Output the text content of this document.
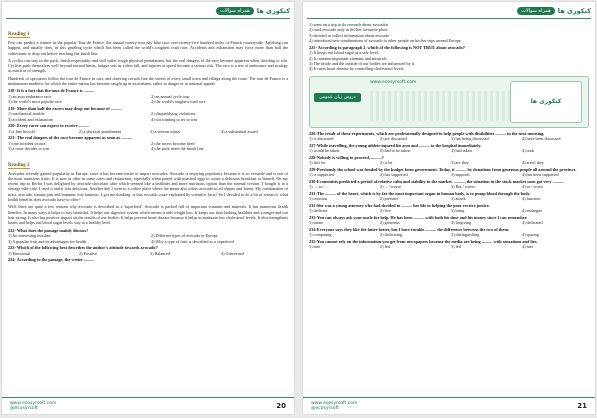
همراه سوالات	کنکوری ها
Reading 1

Few can predict a winner in the popular Tour de France, the annual twenty-four day bike race over twenty-five hundred miles of French countryside. Anything can happen, and usually does, in this grueling cycle which has been called the world's toughest road race. Accidents and exhaustion may force more than half the contestants to drop out before reaching the finish line.

A cyclist can stay in the pack, finish respectably, and still suffer rough physical punishment, but the real dangers of the race become apparent when deciding to win. Cyclists push themselves well beyond normal limits, fatigue sets in, riders fall, and injuries at speed become a serious risk. The race is a test of endurance and strategy as much as of strength.

Hundreds of spectators follow the tour de France in cars, and cheering crowds line the streets of every small town and village along the route. The tour de France is a midsummer madness for which the entire nation has become caught up in excitement, either in danger or in national appeal.

218- It is a fact that the tour de France is ..........
1) an auto endurance race	2) an annual cycle tour
3) the world's most popular race	4) the world's toughest road race
219- More than half the racers may drop out because of ..........
1) mechanical trouble	2) disqualifying violations
3) accident and exhaustion	4) not wanting to try to win
220- Every racer can expect to receive ..........
1) a fine bicycle	2) a physical punishment	3) a serious injury	4) a substantial award
221- The real dangers of the race become apparent as soon as ..........
1) one accident occurs	2) the racers become tired
3) a racer decides to win	4) the pack nears the finish line
Reading 2

Avocados recently gained popularity in Europe, since it has become easier to import avocados. Avocado is enjoying popularity because it is so versatile and is one of the most nutritious fruits. It is now in offer in some cafes and restaurants, especially when paired with poached eggs to create a delicious breakfast or brunch. On my recent trip to Berlin I was delighted by avocado-chocolate cake which seemed like a healthier and more nutritious option than the normal version. I bought it in a vintage bike café. I tried it and it was delicious. Another day I went to a coffee place where the menu also offers avocado in all shapes and forms. My combination of toast, avocado, tomato jam and hummus was fantastic. I got me thinking: is this avocado craze explained by scientific facts? So I decided to do a bit of research: what health benefits does avocado have to offer?

Well, there are quite a few reasons why avocado is described as a 'superfood'. Avocado is packed full of important vitamins and minerals. It has numerous health benefits. In many ways it helps to stay beautiful. It helps our digestive system which means it aids weight loss. It keeps our skin looking healthier and younger and our hair strong. It also has positive impact on the results of our bodies. It helps prevent heart disease because it helps us maintain low cholesterol levels. It also strengthens bones and helps our blood sugar levels stay at a healthy level.

222- What does the passage mainly discuss?
1) An interesting incident	2) Different types of avocado in Europe
3) A popular fruit and its advantages for health	4) Why a type of fruit is described as a superfood
223- Which of the following best describes the author's attitude towards avocado?
1) Emotional	2) Positive	3) Balanced	4) Concerned
224- According to the passage, the writer ..........
www.ecosyrsoft.com
@ecosyrsoft	20
همراه سوالات	کنکوری ها
1) went on a trip to do research about avocados
2) tried avocado only in his/her favourite place
3) decided to collect information about avocado
4) introduced new combinations of avocado to other people on his/her trips around Europe
225- According to paragraph 2, which of the following is NOT TRUE about avocado?
1) It keeps our blood sugar at a safe level.
2) It contains important vitamins and minerals.
3) The inside and the outside of our bodies are influenced by it.
4) It cures heart disease by controlling cholesterol levels.
www.ecosyrsoft.com
دروس زبان عمومی
کنکوری ها
226-The result of these experiments, which are professionally designed to help people with disabilities .......... in the next morning.
1) is discussed	2) are discussed	3) has being discussed	4) have been discussed
227-While travelling, the young athlete injured his arm and .......... to the hospital immediately.
1) would be taken	2) had to be taken	3) had taken	4) took
228-Nobody is willing to proceed, ..........?
1) isn't he	2) is he	3) are they	4) aren't they
229-Previously the school was funded by the budget form government. Today, it .......... by donations from generous people all around the province.
1) is supported	2) has supported	3) supports	4) has been supported
230-Economists predicted a period of relative calm and stability in the market. .........., the situation in the stock market soon got very ...........
1) ..., so / ...	2) ... / worse	3) But / worse	4) so / worst
231-The .......... of the heart, which is by far the most important organ in human body, is to pump blood through the body.
1) reaction	2) pressure	3) attack	4) function
232-She was a young attorney who had decided to .......... her life to helping the poor receive justice.
1) dedicate	2) live	3) bring	4) endanger
233-You can always ask your uncle for help. He has been .......... with both his time and his money since I can remember.
1) mean	2) generous	3) forgiving	4) dedicated
234-Everyone says they like the latter better, but I have trouble .......... the difference between the two of them.
1) comparing	2) dedicating	3) distinguishing	4) sparing
235-You cannot rely on the information you get from newspapers because the media are being .......... with sensations and lies.
1) met	2) fed	3) fed	4) met
www.ecosyrsoft.com
@ecosyrsoft	21
